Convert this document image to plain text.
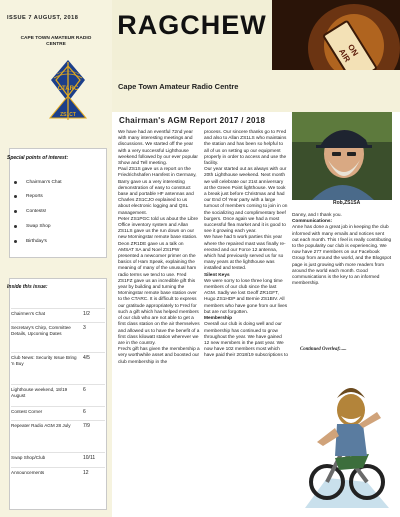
ISSUE 7 AUGUST, 2018
CAPE TOWN AMATEUR RADIO
CENTRE
CTARC
ZS1CT
Special points of interest:
Chairman's Chat
Reports
Contests!
Swap Shop
Birthday's
Inside this issue:
Chairmen's Chat	1/2
Secretary's Chirp, Committee Details, Upcoming Dates
3
Club News: Security Issue Bring 'n Buy
4/5
Lighthouse weekend, 18/19 August
6
Contest Corner	6
Repeater Radio AGM 28 July	7/9
Swap Shop/Club	10/11
Announcements	12
RAGCHEW
ON
AIR
Cape Town Amateur Radio Centre
Chairman's AGM Report 2017 / 2018

We have had an eventful 72nd year with many interesting meetings and discussions. We started off the year with a very successful Lighthouse weekend followed by our ever popular Show and Tell meeting.

Paul ZS1S gave us a report on the Friedrichshafen Hamfest in Germany, Barry gave us a very interesting demonstration of easy to construct base and portable HF antennas and Charles ZS1CJO explained to us about electronic logging and QSL management.

Peter ZS1PGC told us about the Libre Office inventory system and Allan ZS1LS gave us the run down on our new Morningstar remote base station. Deon ZR1DE gave us a talk on AMSAT SA and Noel ZS1PW presented a newcomer primer on the basics of Ham Speak, explaining the meaning of many of the unusual ham radio terms we tend to use. Fred ZS1FZ gave us an incredible gift this year by building and turning the Morningstar remote base station over to the CTARC. It is difficult to express our gratitude appropriately to Fred for such a gift which has helped members of our club who are not able to get a first class station on the air themselves and allowed us to have the benefit of a first class kilowatt station wherever we are in the country.

Fred's gift has given the membership a very worthwhile asset and boosted our club membership in the

process. Our sincere thanks go to Fred and also to Allan ZS1LS who maintains the station and has been so helpful to all of us on setting up our equipment properly in order to access and use the facility.

Our year started out as always with our 20th Lighthouse weekend. Next month we will celebrate our 21st anniversary at the Green Point lighthouse. We took a break just before Christmas and had our End Of Year party with a large turnout of members coming to join in on the socializing and complimentary beef burgers. Once again we had a most successful flea market and it is good to see it growing each year.

We have had 5 work parties this year where the repaired mast was finally re-erected and our Force 12 antenna, which had previously served us for so many years at the lighthouse was installed and tested.

Silent Keys

We were sorry to lose three long time members of our club since the last AGM. Sadly we lost Geoff ZR1GFT, Hugo ZS1HDP and Bernie ZS1BIV. All members who have gone from our lives but are not forgotten.

Membership

Overall our club is doing well and our membership has continued to grow throughout the year. We have gained 12 new members in the past year. We now have 102 members most which have paid their 2018/19 subscriptions to

Rob,ZS1SA

Danny, and I thank you.

Communications:

Anne has done a great job in keeping the club informed with many emails and notices sent out each month. This I feel is really contributing to the popularity our club is experiencing. We now have 277 members on our Facebook Group from around the world, and the Blogspot page is just growing with more readers from around the world each month. Good communications is the key to an informed membership.

Continued Overleaf:.....
